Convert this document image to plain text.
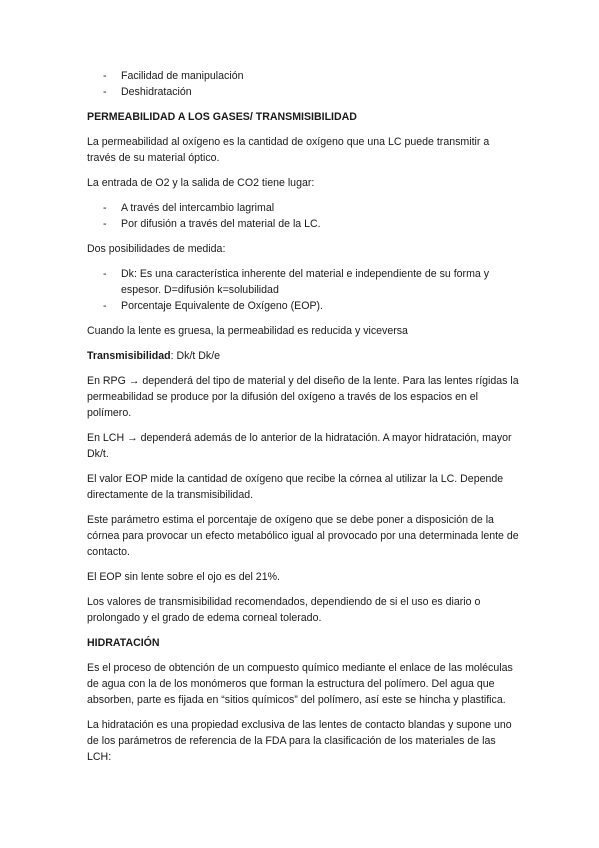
- Facilidad de manipulación
- Deshidratación

PERMEABILIDAD A LOS GASES/ TRANSMISIBILIDAD

La permeabilidad al oxígeno es la cantidad de oxígeno que una LC puede transmitir a través de su material óptico.

La entrada de O2 y la salida de CO2 tiene lugar:

- A través del intercambio lagrimal
- Por difusión a través del material de la LC.

Dos posibilidades de medida:

- Dk: Es una característica inherente del material e independiente de su forma y espesor. D=difusión k=solubilidad
- Porcentaje Equivalente de Oxígeno (EOP).

Cuando la lente es gruesa, la permeabilidad es reducida y viceversa

Transmisibilidad: Dk/t Dk/e

En RPG → dependerá del tipo de material y del diseño de la lente. Para las lentes rígidas la permeabilidad se produce por la difusión del oxígeno a través de los espacios en el polímero.

En LCH → dependerá además de lo anterior de la hidratación. A mayor hidratación, mayor Dk/t.

El valor EOP mide la cantidad de oxígeno que recibe la córnea al utilizar la LC. Depende directamente de la transmisibilidad.

Este parámetro estima el porcentaje de oxígeno que se debe poner a disposición de la córnea para provocar un efecto metabólico igual al provocado por una determinada lente de contacto.

El EOP sin lente sobre el ojo es del 21%.

Los valores de transmisibilidad recomendados, dependiendo de si el uso es diario o prolongado y el grado de edema corneal tolerado.

HIDRATACIÓN

Es el proceso de obtención de un compuesto químico mediante el enlace de las moléculas de agua con la de los monómeros que forman la estructura del polímero. Del agua que absorben, parte es fijada en “sitios químicos” del polímero, así este se hincha y plastifica.

La hidratación es una propiedad exclusiva de las lentes de contacto blandas y supone uno de los parámetros de referencia de la FDA para la clasificación de los materiales de las LCH:
